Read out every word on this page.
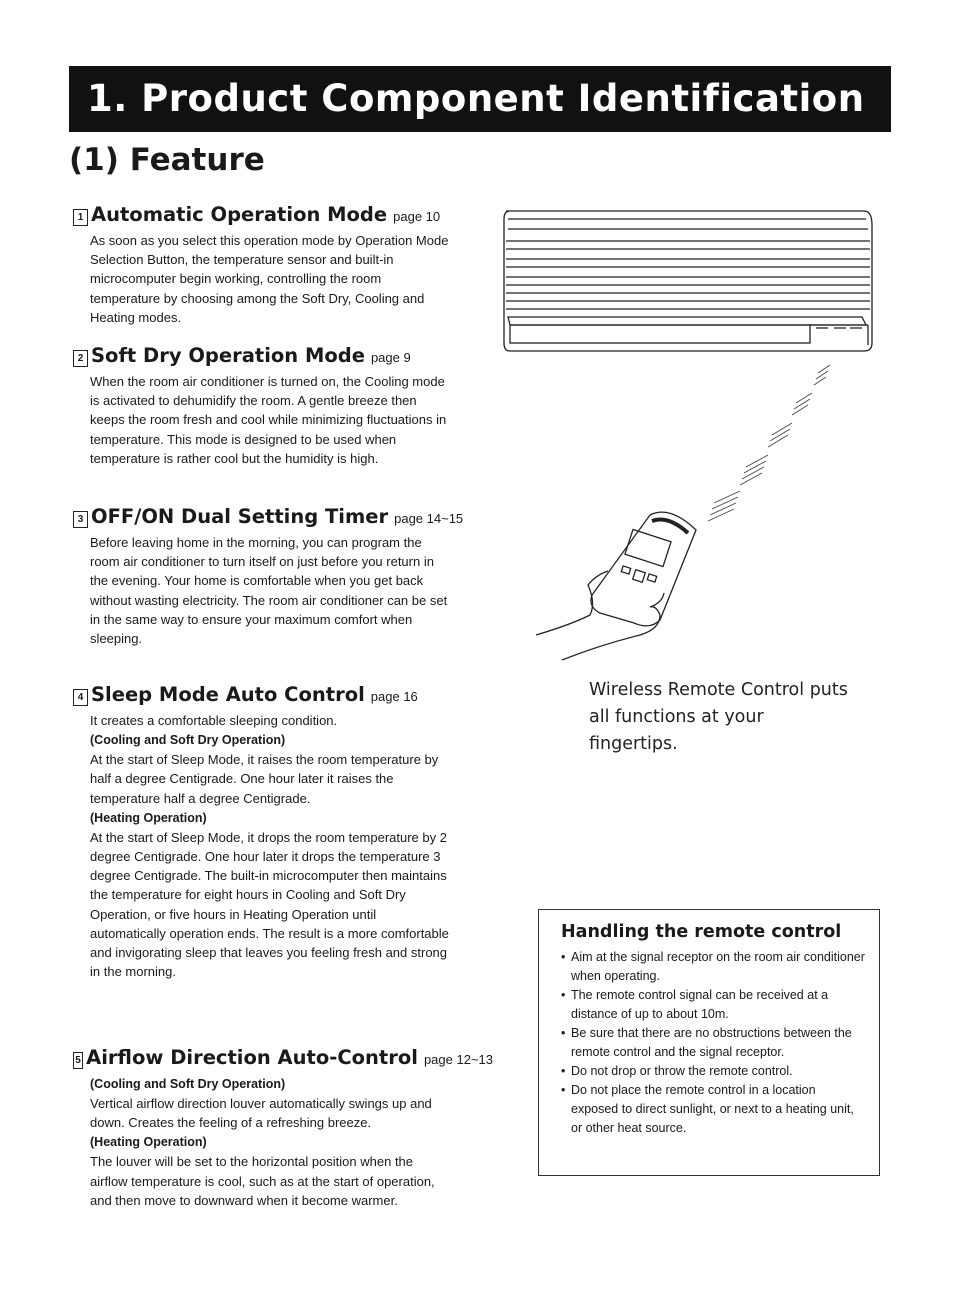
1. Product Component Identification
(1) Feature
1 Automatic Operation Mode page 10
As soon as you select this operation mode by Operation Mode Selection Button, the temperature sensor and built-in microcomputer begin working, controlling the room temperature by choosing among the Soft Dry, Cooling and Heating modes.
2 Soft Dry Operation Mode page 9
When the room air conditioner is turned on, the Cooling mode is activated to dehumidify the room. A gentle breeze then keeps the room fresh and cool while minimizing fluctuations in temperature. This mode is designed to be used when temperature is rather cool but the humidity is high.
3 OFF/ON Dual Setting Timer page 14~15
Before leaving home in the morning, you can program the room air conditioner to turn itself on just before you return in the evening. Your home is comfortable when you get back without wasting electricity. The room air conditioner can be set in the same way to ensure your maximum comfort when sleeping.
4 Sleep Mode Auto Control page 16
It creates a comfortable sleeping condition.
(Cooling and Soft Dry Operation)
At the start of Sleep Mode, it raises the room temperature by half a degree Centigrade. One hour later it raises the temperature half a degree Centigrade.
(Heating Operation)
At the start of Sleep Mode, it drops the room temperature by 2 degree Centigrade. One hour later it drops the temperature 3 degree Centigrade. The built-in microcomputer then maintains the temperature for eight hours in Cooling and Soft Dry Operation, or five hours in Heating Operation until automatically operation ends. The result is a more comfortable and invigorating sleep that leaves you feeling fresh and strong in the morning.
5 Airflow Direction Auto-Control page 12~13
(Cooling and Soft Dry Operation)
Vertical airflow direction louver automatically swings up and down. Creates the feeling of a refreshing breeze.
(Heating Operation)
The louver will be set to the horizontal position when the airflow temperature is cool, such as at the start of operation, and then move to downward when it become warmer.
Wireless Remote Control puts all functions at your fingertips.
Handling the remote control
• Aim at the signal receptor on the room air conditioner when operating.
• The remote control signal can be received at a distance of up to about 10m.
• Be sure that there are no obstructions between the remote control and the signal receptor.
• Do not drop or throw the remote control.
• Do not place the remote control in a location exposed to direct sunlight, or next to a heating unit, or other heat source.
